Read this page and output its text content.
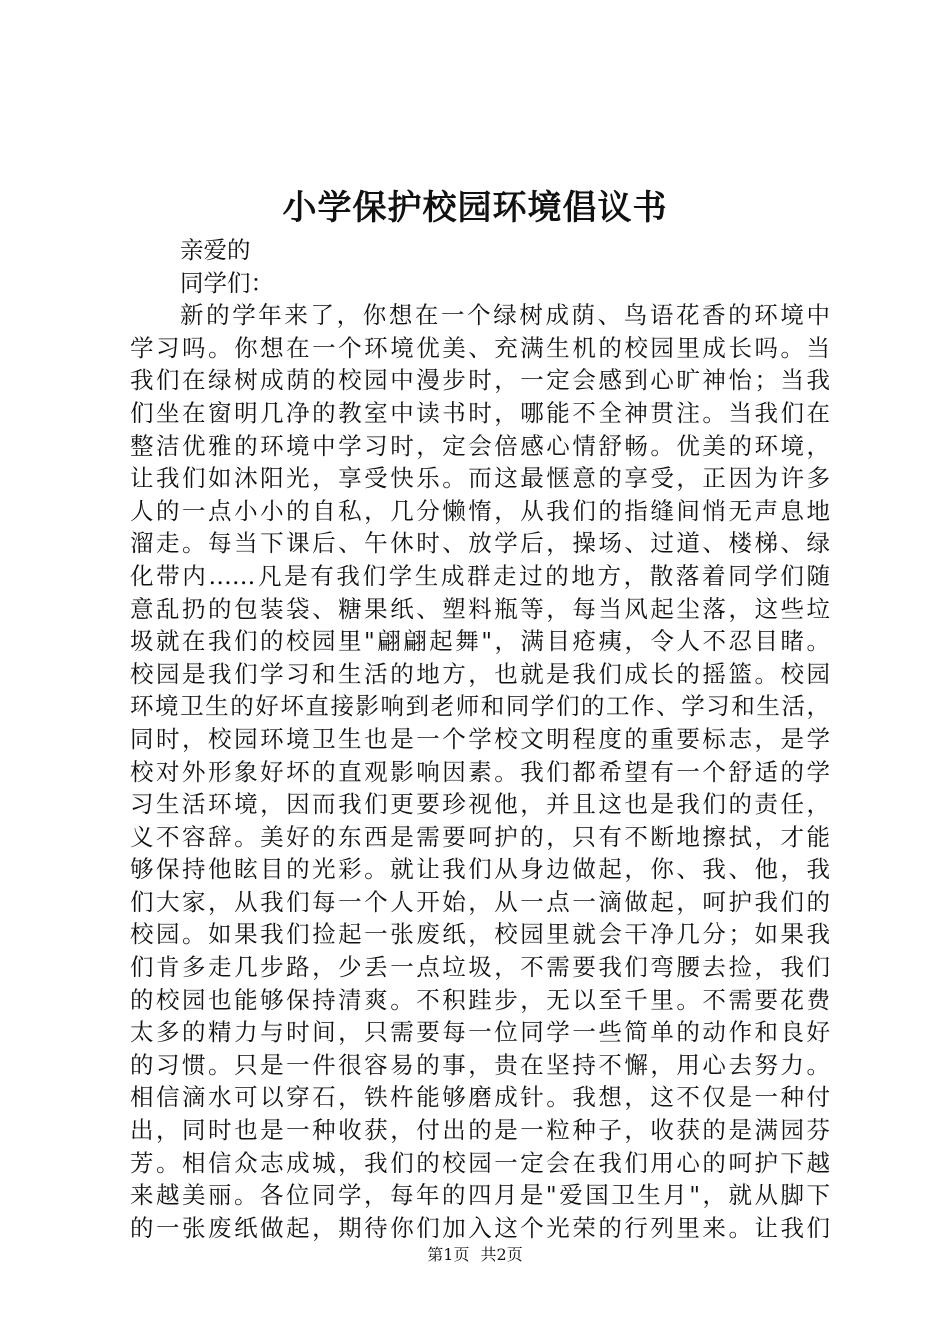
小学保护校园环境倡议书
亲爱的
同学们：
新的学年来了，你想在一个绿树成荫、鸟语花香的环境中
学习吗。你想在一个环境优美、充满生机的校园里成长吗。当
我们在绿树成荫的校园中漫步时，一定会感到心旷神怡；当我
们坐在窗明几净的教室中读书时，哪能不全神贯注。当我们在
整洁优雅的环境中学习时，定会倍感心情舒畅。优美的环境，
让我们如沐阳光，享受快乐。而这最惬意的享受，正因为许多
人的一点小小的自私，几分懒惰，从我们的指缝间悄无声息地
溜走。每当下课后、午休时、放学后，操场、过道、楼梯、绿
化带内……凡是有我们学生成群走过的地方，散落着同学们随
意乱扔的包装袋、糖果纸、塑料瓶等，每当风起尘落，这些垃
圾就在我们的校园里"翩翩起舞"，满目疮痍，令人不忍目睹。
校园是我们学习和生活的地方，也就是我们成长的摇篮。校园
环境卫生的好坏直接影响到老师和同学们的工作、学习和生活，
同时，校园环境卫生也是一个学校文明程度的重要标志，是学
校对外形象好坏的直观影响因素。我们都希望有一个舒适的学
习生活环境，因而我们更要珍视他，并且这也是我们的责任，
义不容辞。美好的东西是需要呵护的，只有不断地擦拭，才能
够保持他眩目的光彩。就让我们从身边做起，你、我、他，我
们大家，从我们每一个人开始，从一点一滴做起，呵护我们的
校园。如果我们捡起一张废纸，校园里就会干净几分；如果我
们肯多走几步路，少丢一点垃圾，不需要我们弯腰去捡，我们
的校园也能够保持清爽。不积跬步，无以至千里。不需要花费
太多的精力与时间，只需要每一位同学一些简单的动作和良好
的习惯。只是一件很容易的事，贵在坚持不懈，用心去努力。
相信滴水可以穿石，铁杵能够磨成针。我想，这不仅是一种付
出，同时也是一种收获，付出的是一粒种子，收获的是满园芬
芳。相信众志成城，我们的校园一定会在我们用心的呵护下越
来越美丽。各位同学，每年的四月是"爱国卫生月"，就从脚下
的一张废纸做起，期待你们加入这个光荣的行列里来。让我们
第1页 共2页
